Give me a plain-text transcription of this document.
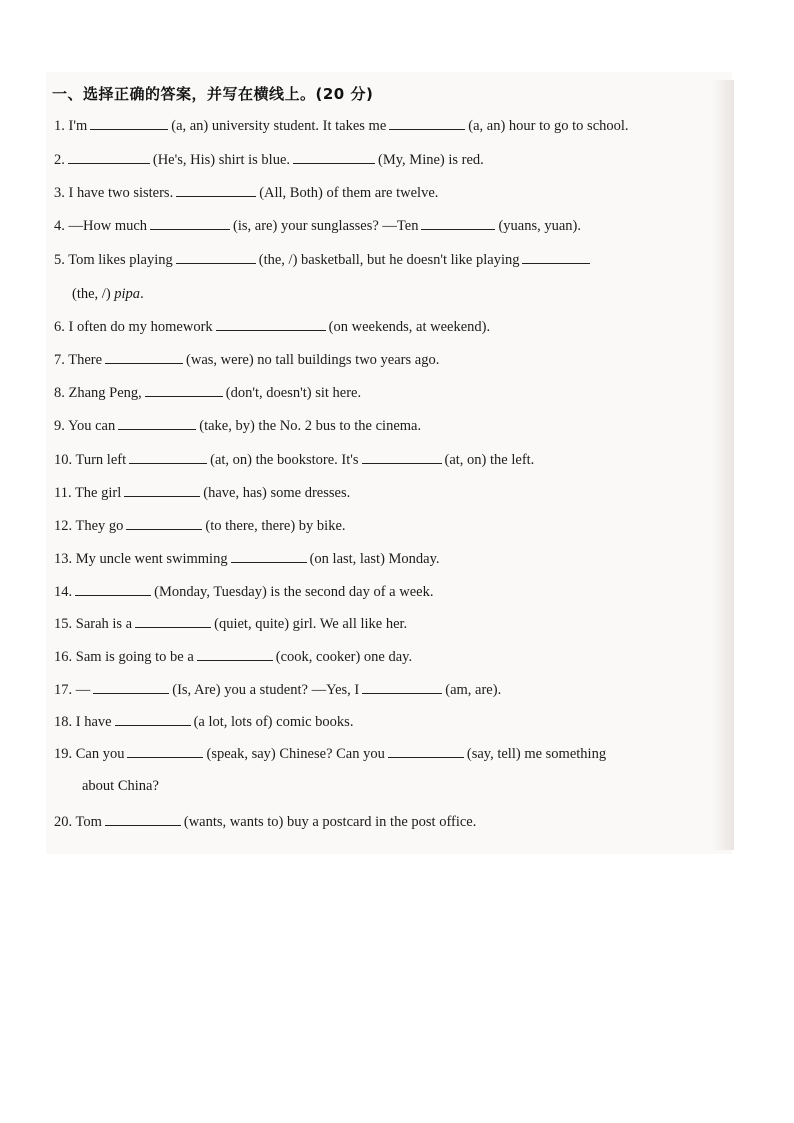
一、选择正确的答案，并写在横线上。(20 分)
1. I'm	(a, an) university student. It takes me	(a, an) hour to go to school.
2.	(He's, His) shirt is blue.	(My, Mine) is red.
3. I have two sisters.	(All, Both) of them are twelve.
4. —How much	(is, are) your sunglasses? —Ten	(yuans, yuan).
5. Tom likes playing	(the, /) basketball, but he doesn't like playing
(the, /) pipa.
6. I often do my homework	(on weekends, at weekend).
7. There	(was, were) no tall buildings two years ago.
8. Zhang Peng,	(don't, doesn't) sit here.
9. You can	(take, by) the No. 2 bus to the cinema.
10. Turn left	(at, on) the bookstore. It's	(at, on) the left.
11. The girl	(have, has) some dresses.
12. They go	(to there, there) by bike.
13. My uncle went swimming	(on last, last) Monday.
14.	(Monday, Tuesday) is the second day of a week.
15. Sarah is a	(quiet, quite) girl. We all like her.
16. Sam is going to be a	(cook, cooker) one day.
17. —	(Is, Are) you a student? —Yes, I	(am, are).
18. I have	(a lot, lots of) comic books.
19. Can you	(speak, say) Chinese? Can you	(say, tell) me something
about China?
20. Tom	(wants, wants to) buy a postcard in the post office.
